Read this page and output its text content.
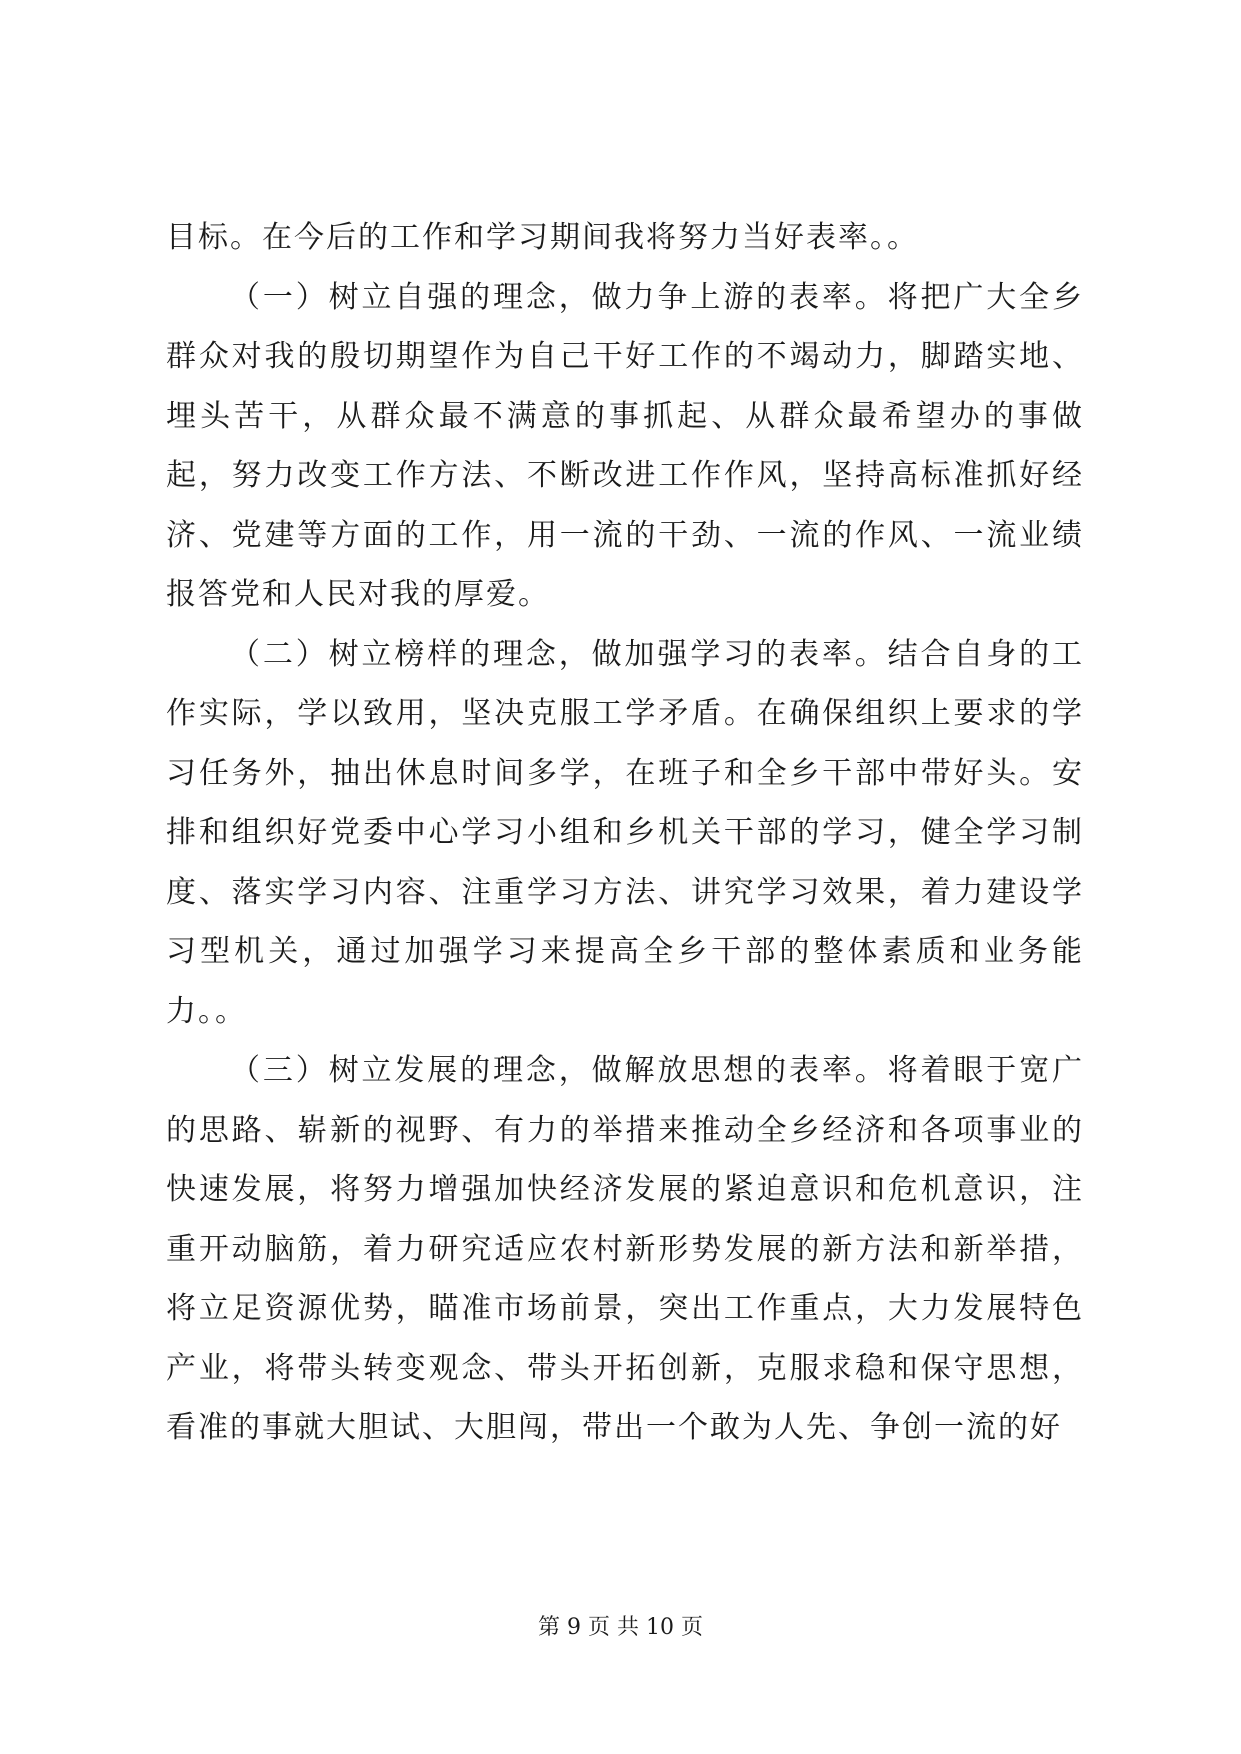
目标。在今后的工作和学习期间我将努力当好表率。。

（一）树立自强的理念，做力争上游的表率。将把广大全乡群众对我的殷切期望作为自己干好工作的不竭动力，脚踏实地、埋头苦干，从群众最不满意的事抓起、从群众最希望办的事做起，努力改变工作方法、不断改进工作作风，坚持高标准抓好经济、党建等方面的工作，用一流的干劲、一流的作风、一流业绩报答党和人民对我的厚爱。

（二）树立榜样的理念，做加强学习的表率。结合自身的工作实际，学以致用，坚决克服工学矛盾。在确保组织上要求的学习任务外，抽出休息时间多学，在班子和全乡干部中带好头。安排和组织好党委中心学习小组和乡机关干部的学习，健全学习制度、落实学习内容、注重学习方法、讲究学习效果，着力建设学习型机关，通过加强学习来提高全乡干部的整体素质和业务能力。。

（三）树立发展的理念，做解放思想的表率。将着眼于宽广的思路、崭新的视野、有力的举措来推动全乡经济和各项事业的快速发展，将努力增强加快经济发展的紧迫意识和危机意识，注重开动脑筋，着力研究适应农村新形势发展的新方法和新举措，将立足资源优势，瞄准市场前景，突出工作重点，大力发展特色产业，将带头转变观念、带头开拓创新，克服求稳和保守思想，看准的事就大胆试、大胆闯，带出一个敢为人先、争创一流的好

第 9 页 共 10 页
